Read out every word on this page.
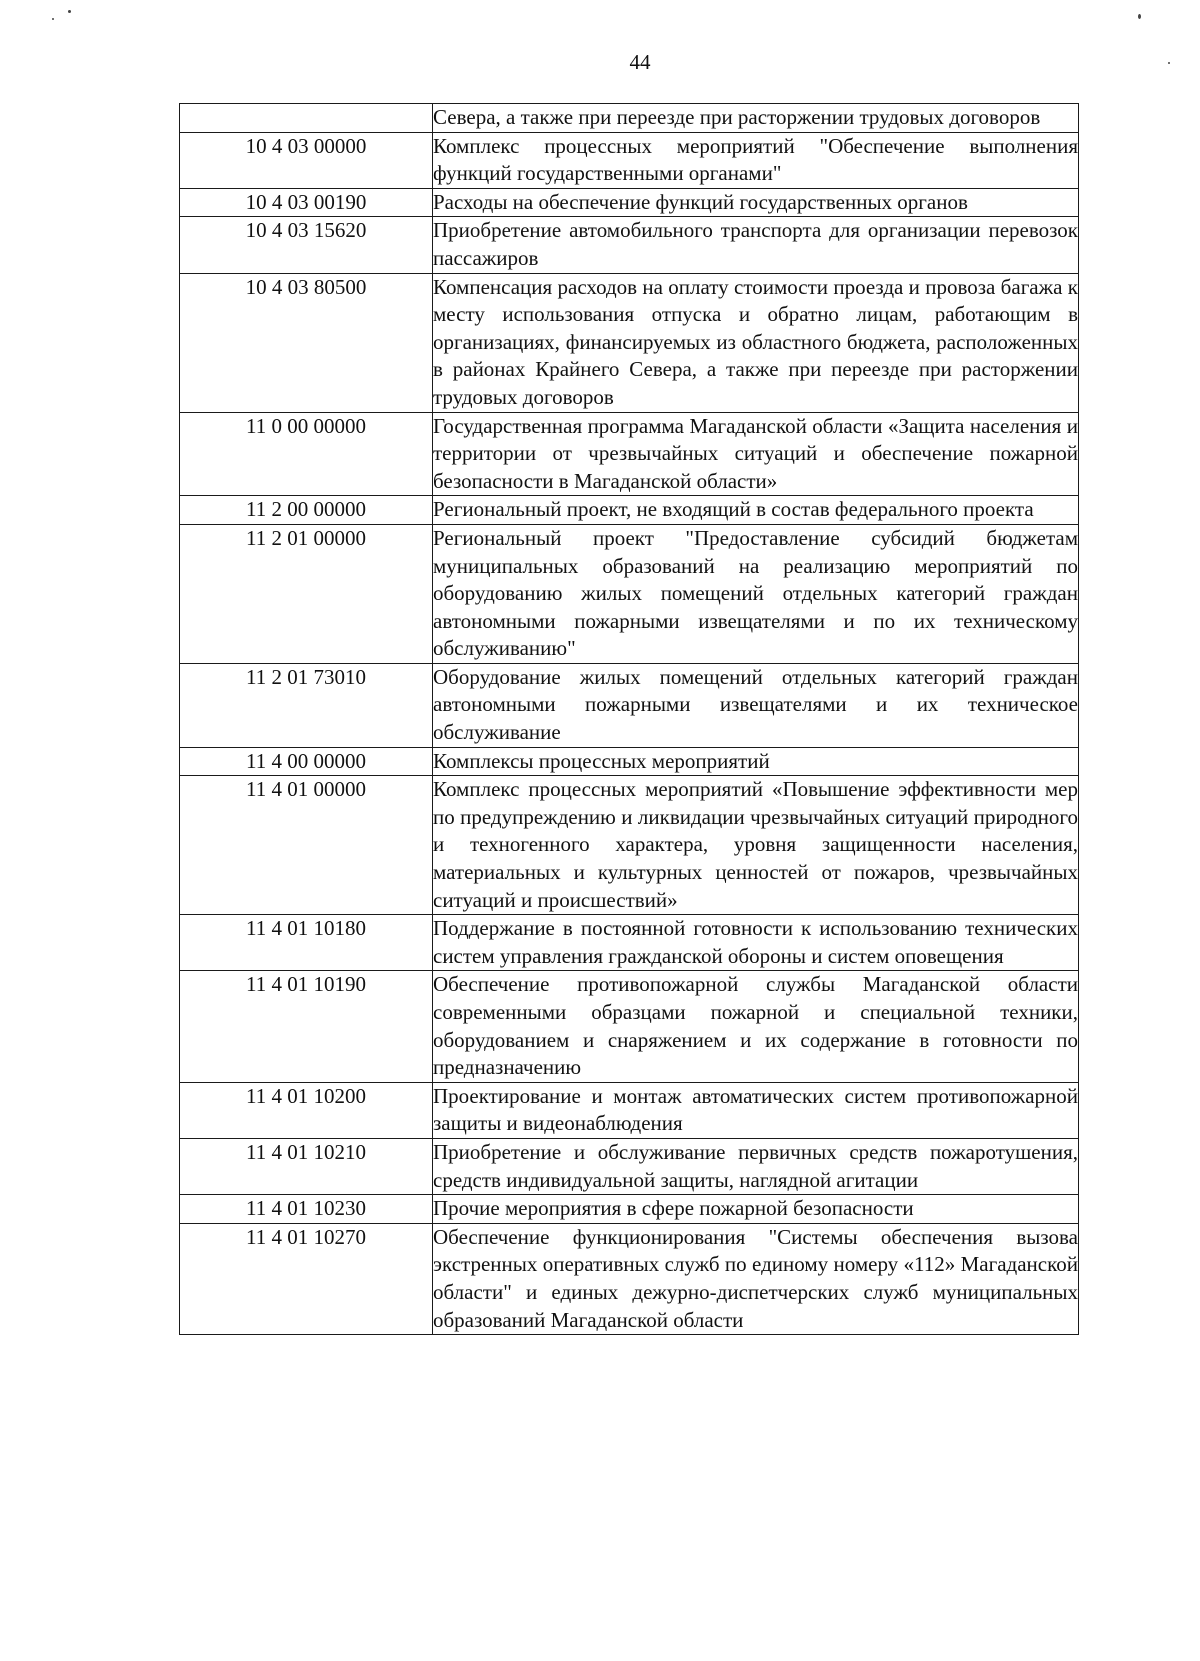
44
	Севера, а также при переезде при расторжении трудовых договоров
10 4 03 00000	Комплекс процессных мероприятий "Обеспечение выполнения функций государственными органами"
10 4 03 00190	Расходы на обеспечение функций государственных органов
10 4 03 15620	Приобретение автомобильного транспорта для организации перевозок пассажиров
10 4 03 80500	Компенсация расходов на оплату стоимости проезда и провоза багажа к месту использования отпуска и обратно лицам, работающим в организациях, финансируемых из областного бюджета, расположенных в районах Крайнего Севера, а также при переезде при расторжении трудовых договоров
11 0 00 00000	Государственная программа Магаданской области «Защита населения и территории от чрезвычайных ситуаций и обеспечение пожарной безопасности в Магаданской области»
11 2 00 00000	Региональный проект, не входящий в состав федерального проекта
11 2 01 00000	Региональный проект "Предоставление субсидий бюджетам муниципальных образований на реализацию мероприятий по оборудованию жилых помещений отдельных категорий граждан автономными пожарными извещателями и по их техническому обслуживанию"
11 2 01 73010	Оборудование жилых помещений отдельных категорий граждан автономными пожарными извещателями и их техническое обслуживание
11 4 00 00000	Комплексы процессных мероприятий
11 4 01 00000	Комплекс процессных мероприятий «Повышение эффективности мер по предупреждению и ликвидации чрезвычайных ситуаций природного и техногенного характера, уровня защищенности населения, материальных и культурных ценностей от пожаров, чрезвычайных ситуаций и происшествий»
11 4 01 10180	Поддержание в постоянной готовности к использованию технических систем управления гражданской обороны и систем оповещения
11 4 01 10190	Обеспечение противопожарной службы Магаданской области современными образцами пожарной и специальной техники, оборудованием и снаряжением и их содержание в готовности по предназначению
11 4 01 10200	Проектирование и монтаж автоматических систем противопожарной защиты и видеонаблюдения
11 4 01 10210	Приобретение и обслуживание первичных средств пожаротушения, средств индивидуальной защиты, наглядной агитации
11 4 01 10230	Прочие мероприятия в сфере пожарной безопасности
11 4 01 10270	Обеспечение функционирования "Системы обеспечения вызова экстренных оперативных служб по единому номеру «112» Магаданской области" и единых дежурно-диспетчерских служб муниципальных образований Магаданской области
